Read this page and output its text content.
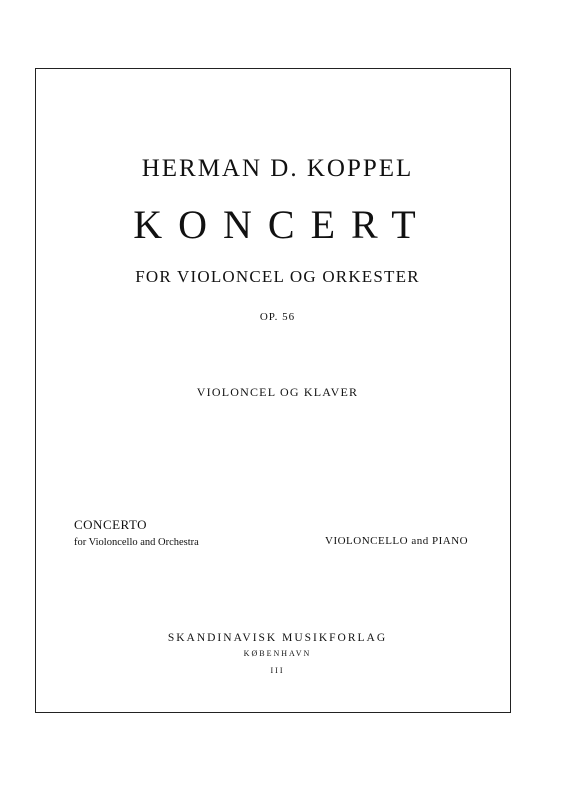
HERMAN D. KOPPEL
KONCERT
FOR VIOLONCEL OG ORKESTER
OP. 56
VIOLONCEL OG KLAVER
CONCERTO
for Violoncello and Orchestra	VIOLONCELLO and PIANO
SKANDINAVISK MUSIKFORLAG
KØBENHAVN
III
